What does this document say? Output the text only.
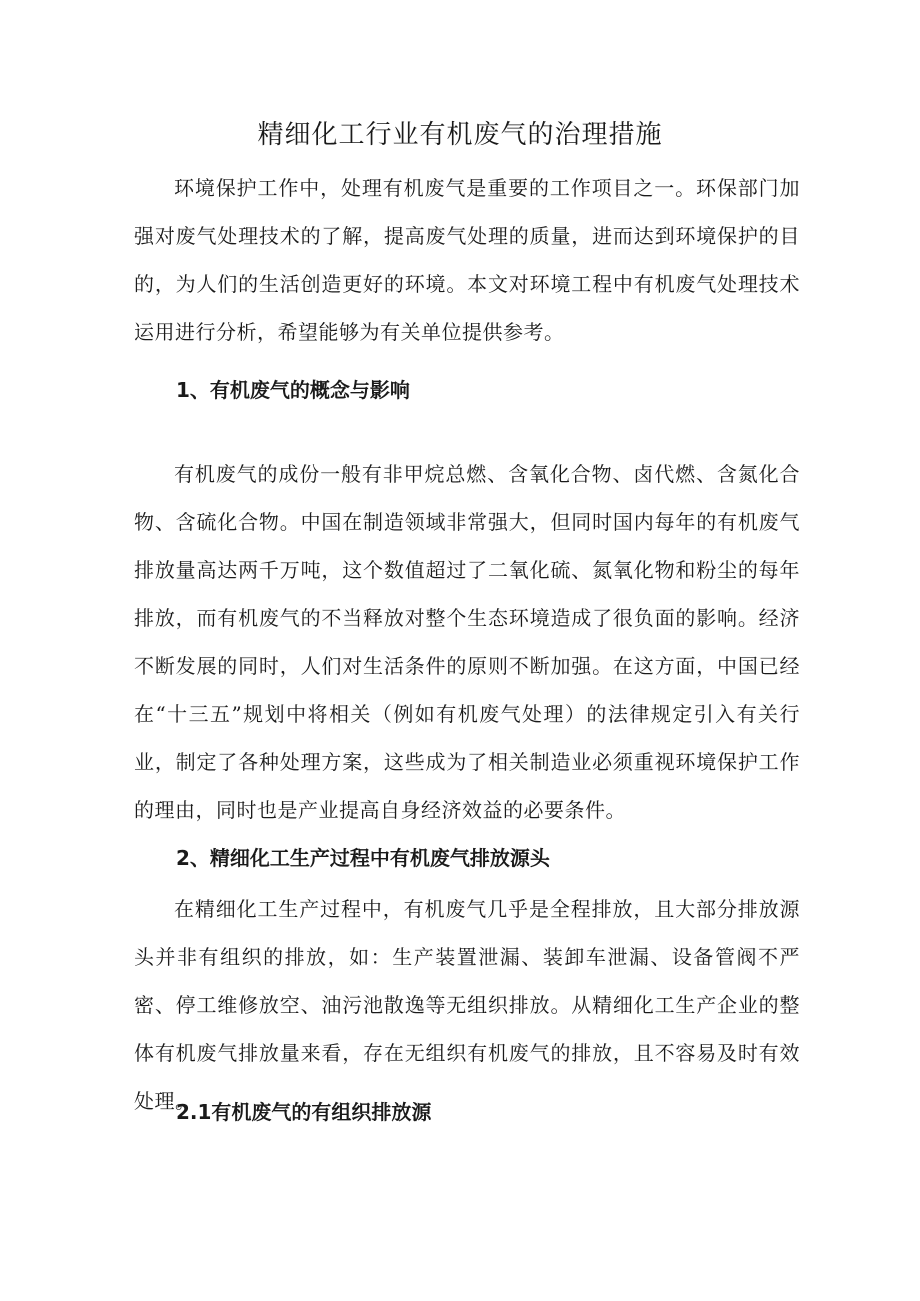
精细化工行业有机废气的治理措施

环境保护工作中，处理有机废气是重要的工作项目之一。环保部门加强对废气处理技术的了解，提高废气处理的质量，进而达到环境保护的目的，为人们的生活创造更好的环境。本文对环境工程中有机废气处理技术运用进行分析，希望能够为有关单位提供参考。

1、有机废气的概念与影响

有机废气的成份一般有非甲烷总燃、含氧化合物、卤代燃、含氮化合物、含硫化合物。中国在制造领域非常强大，但同时国内每年的有机废气排放量高达两千万吨，这个数值超过了二氧化硫、氮氧化物和粉尘的每年排放，而有机废气的不当释放对整个生态环境造成了很负面的影响。经济不断发展的同时，人们对生活条件的原则不断加强。在这方面，中国已经在“十三五”规划中将相关（例如有机废气处理）的法律规定引入有关行业，制定了各种处理方案，这些成为了相关制造业必须重视环境保护工作的理由，同时也是产业提高自身经济效益的必要条件。

2、精细化工生产过程中有机废气排放源头

在精细化工生产过程中，有机废气几乎是全程排放，且大部分排放源头并非有组织的排放，如：生产装置泄漏、装卸车泄漏、设备管阀不严密、停工维修放空、油污池散逸等无组织排放。从精细化工生产企业的整体有机废气排放量来看，存在无组织有机废气的排放，且不容易及时有效处理。

2.1有机废气的有组织排放源
